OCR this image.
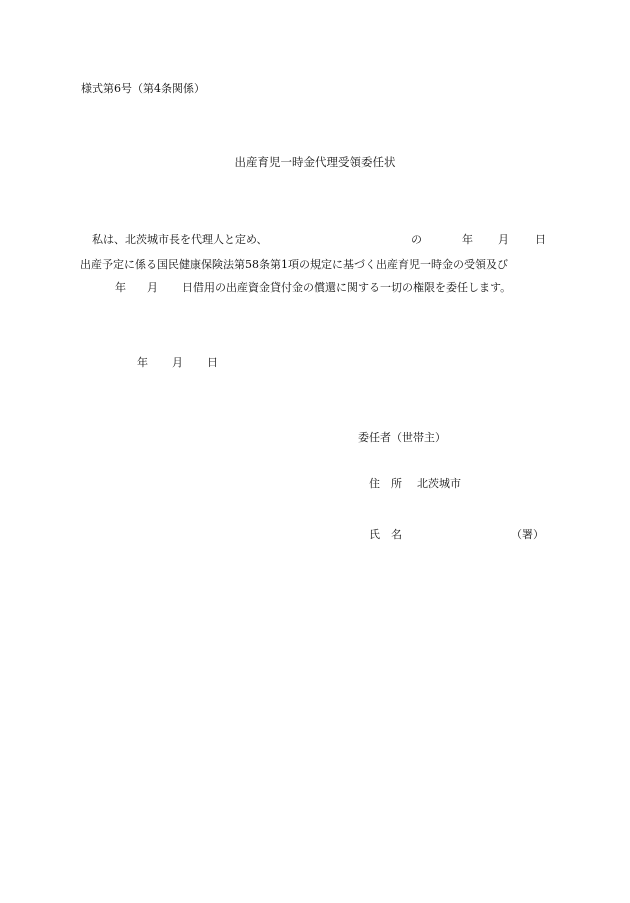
様式第6号（第4条関係）
出産育児一時金代理受領委任状
私は、北茨城市長を代理人と定め、	の	年 月 日
出産予定に係る国民健康保険法第58条第1項の規定に基づく出産育児一時金の受領及び
年 月 日借用の出産資金貸付金の償還に関する一切の権限を委任します。
年 月 日
委任者（世帯主）
住　所 北茨城市
氏　名	（署）
